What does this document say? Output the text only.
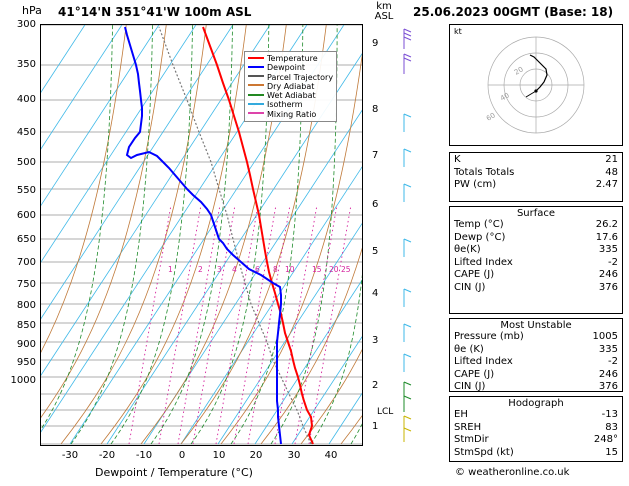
hPa 41°14'N 351°41'W 100m ASL	km
ASL	25.06.2023 00GMT (Base: 18)
300
350
400
450
500
550
600
650
700
750
800
850
900
950
1000
-30	-20	-10	0	10	20	30	40
Dewpoint / Temperature (°C)
9
8
7
6
5
4
3
2
1
LCL
1	2 3 4 6 8 10 15 20 25
Temperature
Dewpoint
Parcel Trajectory
Dry Adiabat
Wet Adiabat
Isotherm
Mixing Ratio
kt
20
40
60
K	21
Totals Totals	48
PW (cm)	2.47
Surface
Temp (°C)	26.2
Dewp (°C)	17.6
θe(K)	335
Lifted Index	-2
CAPE (J)	246
CIN (J)	376
Most Unstable
Pressure (mb)	1005
θe (K)	335
Lifted Index	-2
CAPE (J)	246
CIN (J)	376
Hodograph
EH	-13
SREH	83
StmDir	248°
StmSpd (kt)	15
© weatheronline.co.uk
